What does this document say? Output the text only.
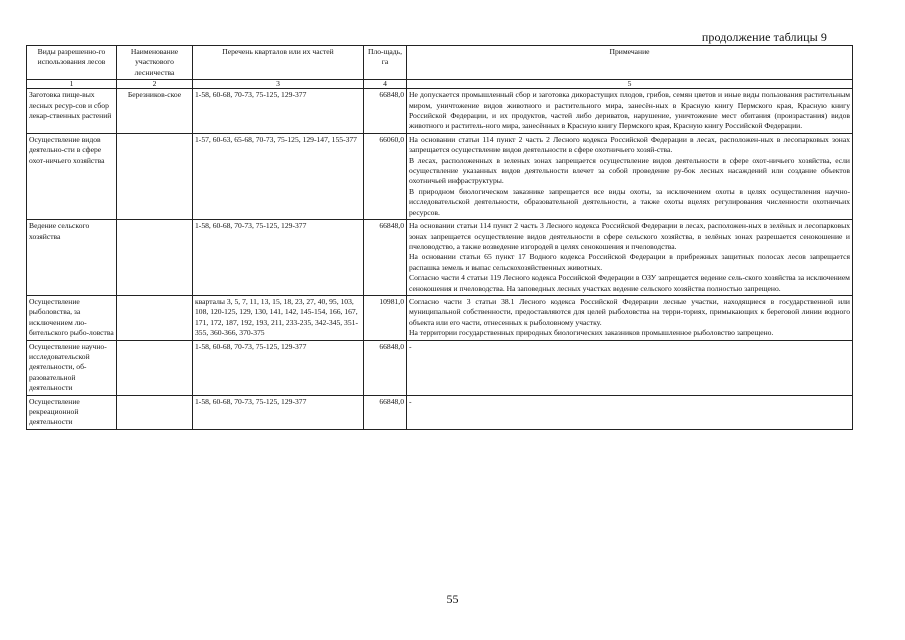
продолжение таблицы 9
Виды разрешенно-го использования лесов	Наименование участкового лесничества	Перечень кварталов или их частей	Пло-щадь, га	Примечание
1	2	3	4	5
Заготовка пище-вых лесных ресур-сов и сбор лекар-ственных растений	Березников-ское	1-58, 60-68, 70-73, 75-125, 129-377	66848,0	Не допускается промышленный сбор и заготовка дикорастущих плодов, грибов, семян цветов и иные виды пользования растительным миром, уничтожение видов животного и растительного мира, занесён-ных в Красную книгу Пермского края, Красную книгу Российской Федерации, и их продуктов, частей либо дериватов, нарушение, уничтожение мест обитания (произрастания) видов животного и раститель-ного мира, занесённых в Красную книгу Пермского края, Красную книгу Российской Федерации.

Осуществление видов деятельно-сти в сфере охот-ничьего хозяйства		1-57, 60-63, 65-68, 70-73, 75-125, 129-147, 155-377	66060,0	На основании статьи 114 пункт 2 часть 2 Лесного кодекса Российской Федерации в лесах, расположен-ных в лесопарковых зонах запрещается осуществление видов деятельности в сфере охотничьего хозяй-ства.
В лесах, расположенных в зеленых зонах запрещается осуществление видов деятельности в сфере охот-ничьего хозяйства, если осуществление указанных видов деятельности влечет за собой проведение ру-бок лесных насаждений или создание объектов охотничьей инфраструктуры.
В природном биологическом заказнике запрещается все виды охоты, за исключением охоты в целях осуществления научно-исследовательской деятельности, образовательной деятельности, а также охоты вцелях регулирования численности охотничьих ресурсов.

Ведение сельского хозяйства		1-58, 60-68, 70-73, 75-125, 129-377	66848,0	На основании статьи 114 пункт 2 часть 3 Лесного кодекса Российской Федерации в лесах, расположен-ных в зелёных и лесопарковых зонах запрещается осуществление видов деятельности в сфере сельского хозяйства, в зелёных зонах разрешается сенокошение и пчеловодство, а также возведение изгородей в целях сенокошения и пчеловодства.
На основании статьи 65 пункт 17 Водного кодекса Российской Федерации в прибрежных защитных полосах лесов запрещается распашка земель и выпас сельскохозяйственных животных.
Согласно части 4 статьи 119 Лесного кодекса Российской Федерации в ОЗУ запрещается ведение сель-ского хозяйства за исключением сенокошения и пчеловодства. На заповедных лесных участках ведение сельского хозяйства полностью запрещено.

Осуществление рыболовства, за исключением лю-бительского рыбо-ловства		кварталы 3, 5, 7, 11, 13, 15, 18, 23, 27, 40, 95, 103, 108, 120-125, 129, 130, 141, 142, 145-154, 166, 167, 171, 172, 187, 192, 193, 211, 233-235, 342-345, 351-355, 360-366, 370-375	10981,0	Согласно части 3 статьи 38.1 Лесного кодекса Российской Федерации лесные участки, находящиеся в государственной или муниципальной собственности, предоставляются для целей рыболовства на терри-ториях, примыкающих к береговой линии водного объекта или его части, отнесенных к рыболовному участку.
На территории государственных природных биологических заказников промышленное рыболовство запрещено.

Осуществление научно-исследовательской деятельности, об-разовательной деятельности		1-58, 60-68, 70-73, 75-125, 129-377	66848,0	-

Осуществление рекреационной деятельности		1-58, 60-68, 70-73, 75-125, 129-377	66848,0	-
55
